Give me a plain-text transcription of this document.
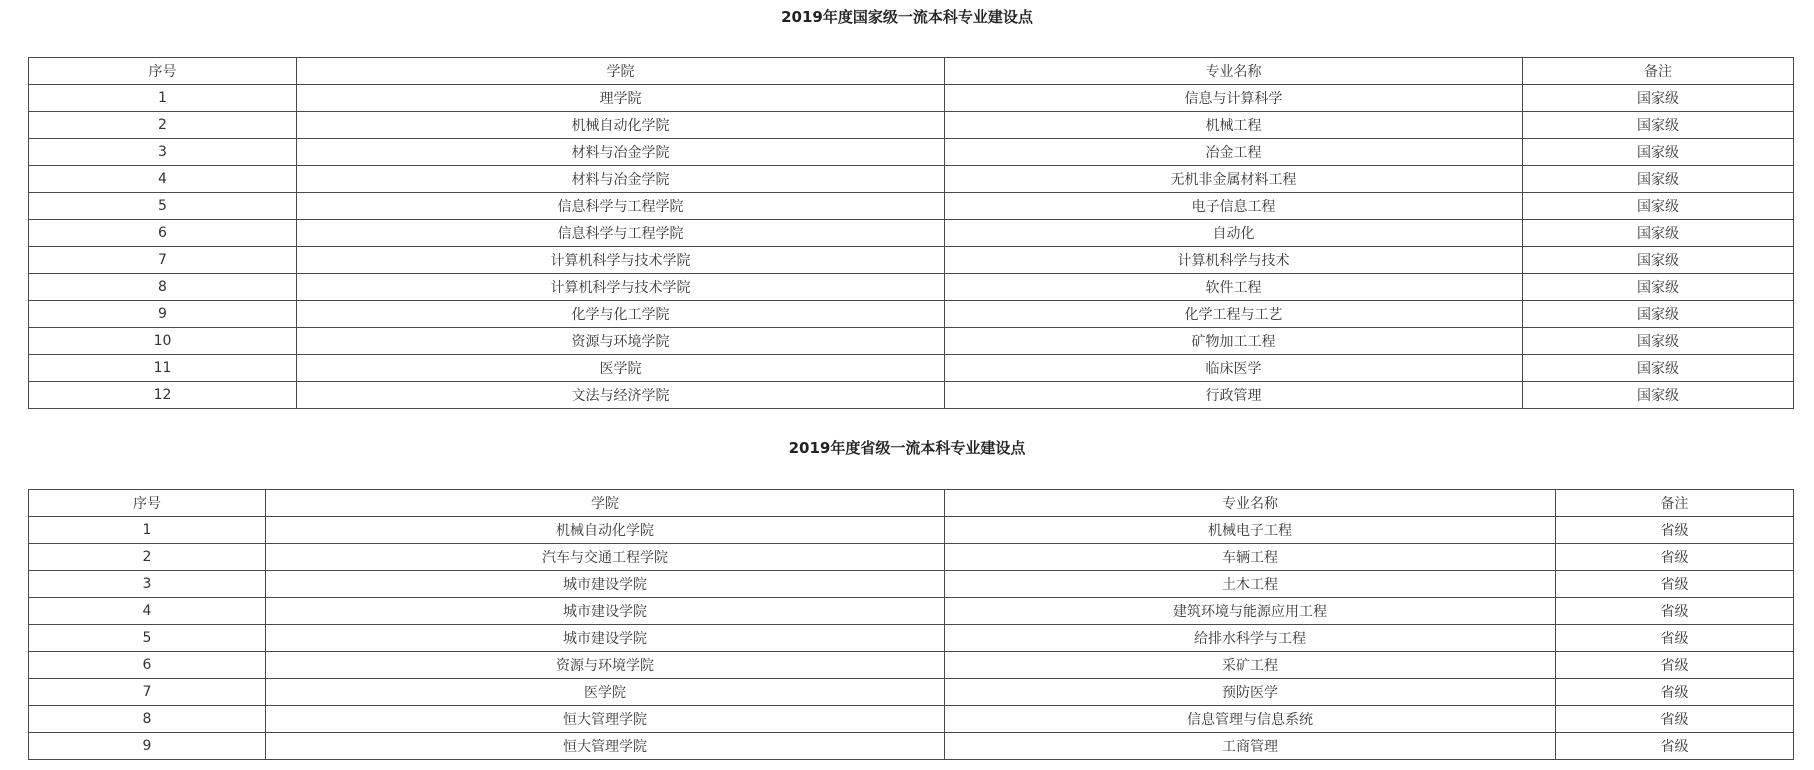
2019年度国家级一流本科专业建设点
序号	学院	专业名称	备注
1	理学院	信息与计算科学	国家级
2	机械自动化学院	机械工程	国家级
3	材料与冶金学院	冶金工程	国家级
4	材料与冶金学院	无机非金属材料工程	国家级
5	信息科学与工程学院	电子信息工程	国家级
6	信息科学与工程学院	自动化	国家级
7	计算机科学与技术学院	计算机科学与技术	国家级
8	计算机科学与技术学院	软件工程	国家级
9	化学与化工学院	化学工程与工艺	国家级
10	资源与环境学院	矿物加工工程	国家级
11	医学院	临床医学	国家级
12	文法与经济学院	行政管理	国家级
2019年度省级一流本科专业建设点
序号	学院	专业名称	备注
1	机械自动化学院	机械电子工程	省级
2	汽车与交通工程学院	车辆工程	省级
3	城市建设学院	土木工程	省级
4	城市建设学院	建筑环境与能源应用工程	省级
5	城市建设学院	给排水科学与工程	省级
6	资源与环境学院	采矿工程	省级
7	医学院	预防医学	省级
8	恒大管理学院	信息管理与信息系统	省级
9	恒大管理学院	工商管理	省级
